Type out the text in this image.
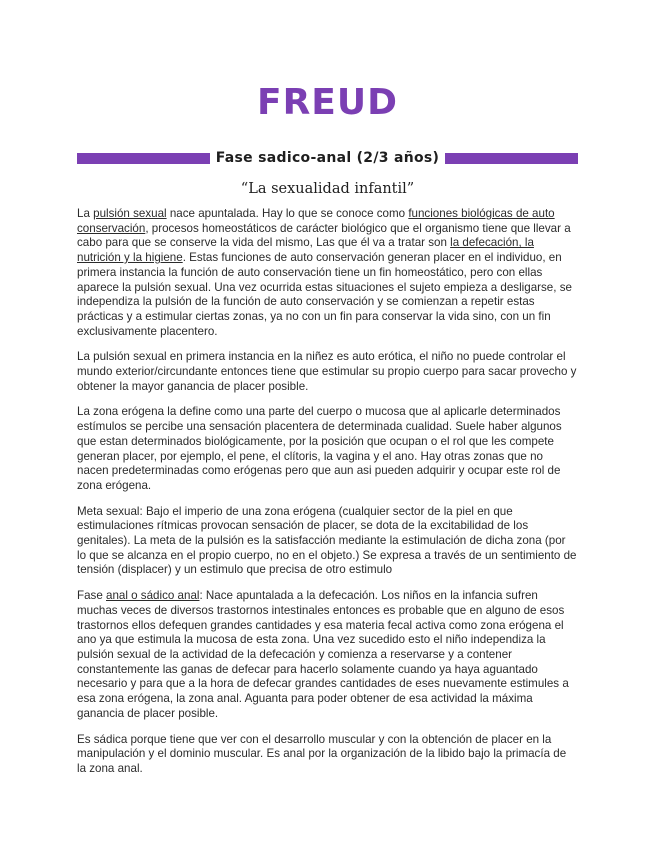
FREUD
Fase sadico-anal (2/3 años)

“La sexualidad infantil”

La pulsión sexual nace apuntalada. Hay lo que se conoce como funciones biológicas de auto conservación, procesos homeostáticos de carácter biológico que el organismo tiene que llevar a cabo para que se conserve la vida del mismo, Las que él va a tratar son la defecación, la nutrición y la higiene. Estas funciones de auto conservación generan placer en el individuo, en primera instancia la función de auto conservación tiene un fin homeostático, pero con ellas aparece la pulsión sexual. Una vez ocurrida estas situaciones el sujeto empieza a desligarse, se independiza la pulsión de la función de auto conservación y se comienzan a repetir estas prácticas y a estimular ciertas zonas, ya no con un fin para conservar la vida sino, con un fin exclusivamente placentero.

La pulsión sexual en primera instancia en la niñez es auto erótica, el niño no puede controlar el mundo exterior/circundante entonces tiene que estimular su propio cuerpo para sacar provecho y obtener la mayor ganancia de placer posible.

La zona erógena la define como una parte del cuerpo o mucosa que al aplicarle determinados estímulos se percibe una sensación placentera de determinada cualidad. Suele haber algunos que estan determinados biológicamente, por la posición que ocupan o el rol que les compete generan placer, por ejemplo, el pene, el clítoris, la vagina y el ano. Hay otras zonas que no nacen predeterminadas como erógenas pero que aun asi pueden adquirir y ocupar este rol de zona erógena.

Meta sexual: Bajo el imperio de una zona erógena (cualquier sector de la piel en que estimulaciones rítmicas provocan sensación de placer, se dota de la excitabilidad de los genitales). La meta de la pulsión es la satisfacción mediante la estimulación de dicha zona (por lo que se alcanza en el propio cuerpo, no en el objeto.) Se expresa a través de un sentimiento de tensión (displacer) y un estimulo que precisa de otro estimulo

Fase anal o sádico anal: Nace apuntalada a la defecación. Los niños en la infancia sufren muchas veces de diversos trastornos intestinales entonces es probable que en alguno de esos trastornos ellos defequen grandes cantidades y esa materia fecal activa como zona erógena el ano ya que estimula la mucosa de esta zona. Una vez sucedido esto el niño independiza la pulsión sexual de la actividad de la defecación y comienza a reservarse y a contener constantemente las ganas de defecar para hacerlo solamente cuando ya haya aguantado necesario y para que a la hora de defecar grandes cantidades de eses nuevamente estimules a esa zona erógena, la zona anal. Aguanta para poder obtener de esa actividad la máxima ganancia de placer posible.

Es sádica porque tiene que ver con el desarrollo muscular y con la obtención de placer en la manipulación y el dominio muscular. Es anal por la organización de la libido bajo la primacía de la zona anal.
